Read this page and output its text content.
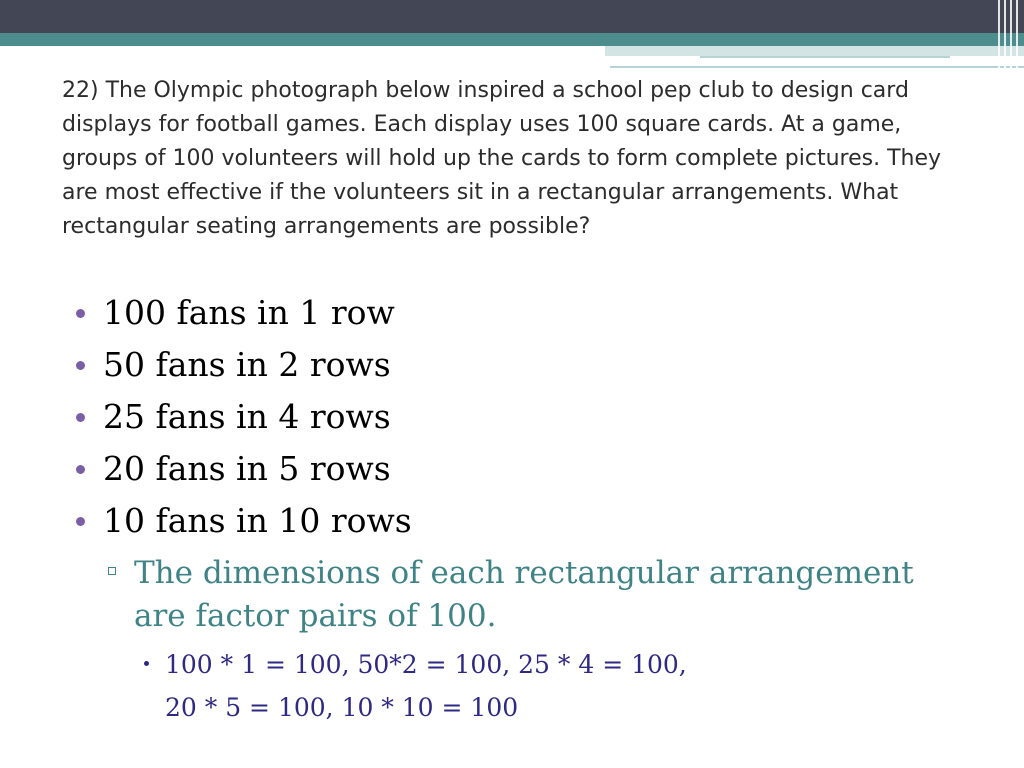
22) The Olympic photograph below inspired a school pep club to design card displays for football games. Each display uses 100 square cards. At a game, groups of 100 volunteers will hold up the cards to form complete pictures. They are most effective if the volunteers sit in a rectangular arrangements. What rectangular seating arrangements are possible?

100 fans in 1 row
50 fans in 2 rows
25 fans in 4 rows
20 fans in 5 rows
10 fans in 10 rows
The dimensions of each rectangular arrangement are factor pairs of 100.
100 * 1 = 100, 50*2 = 100, 25 * 4 = 100,
20 * 5 = 100, 10 * 10 = 100
